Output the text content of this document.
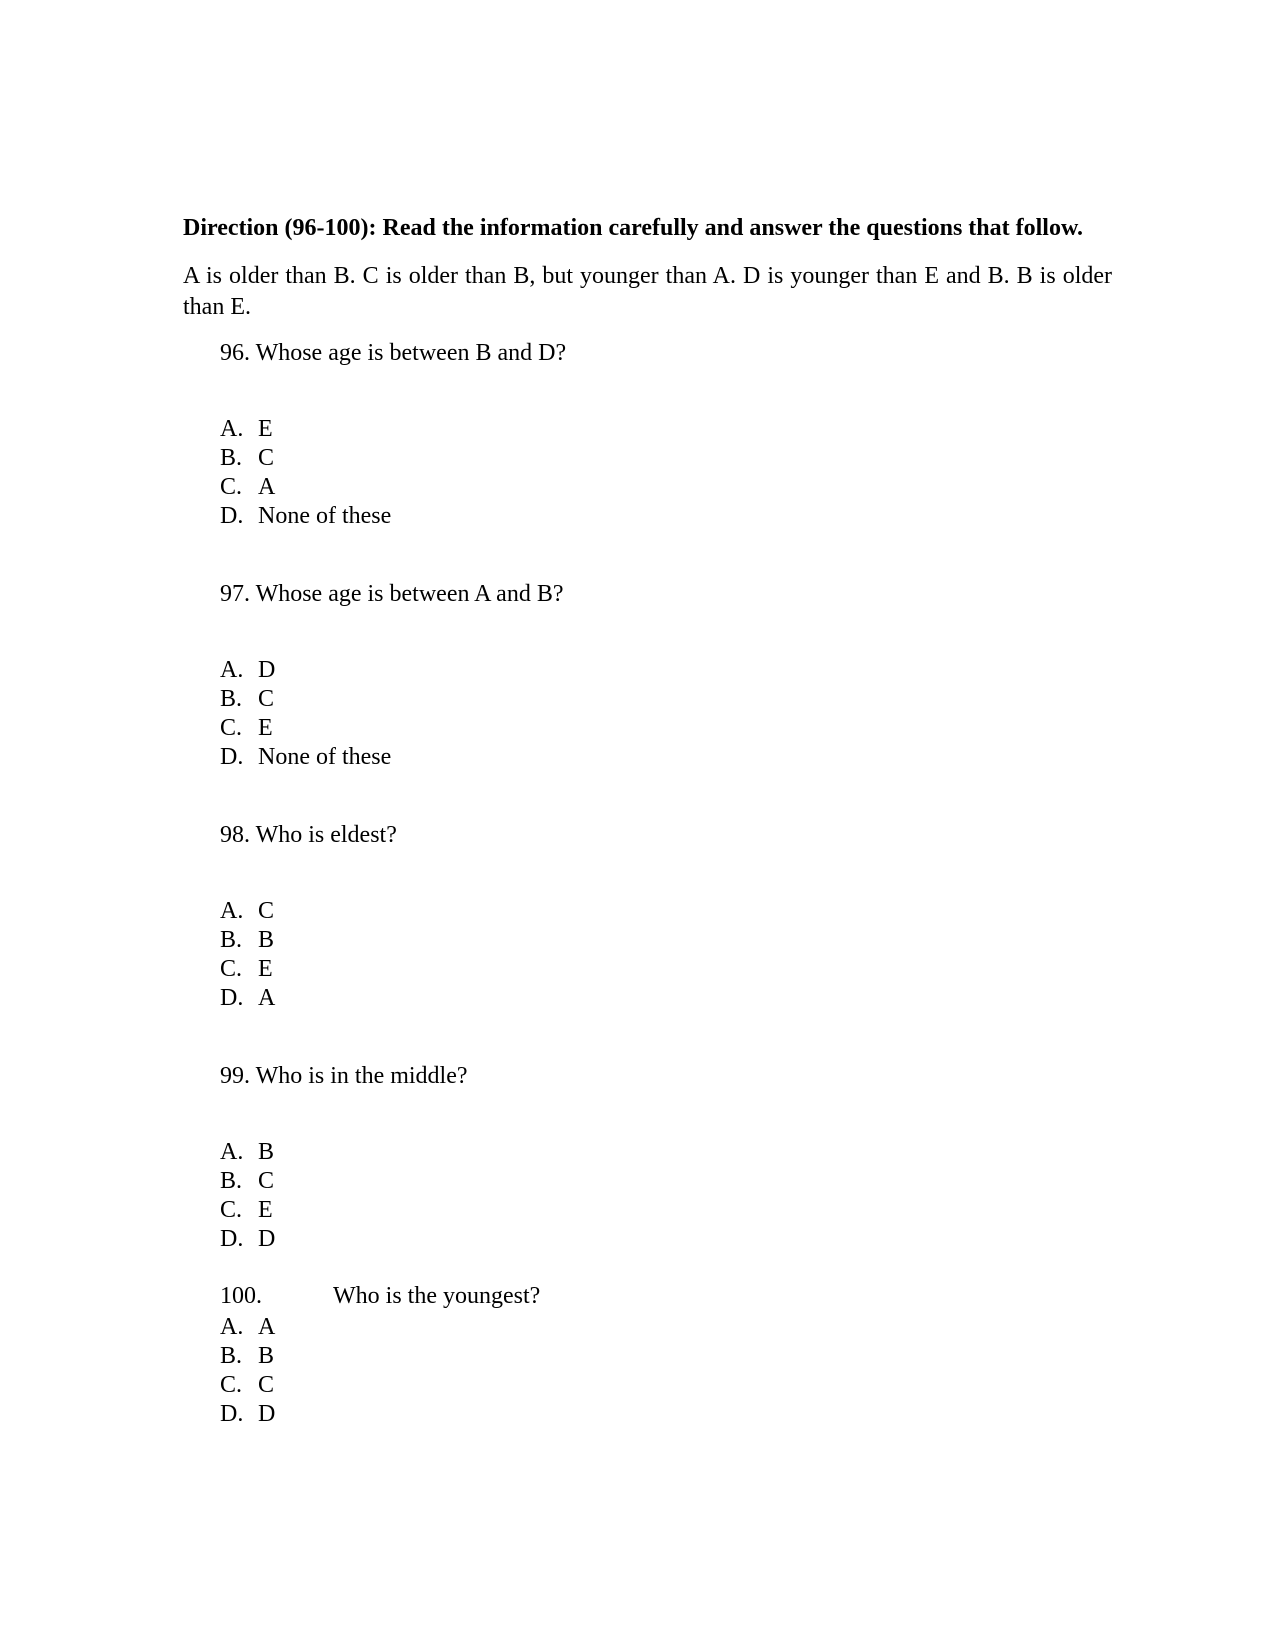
Direction (96-100): Read the information carefully and answer the questions that follow.

A is older than B. C is older than B, but younger than A. D is younger than E and B. B is older than E.

96. Whose age is between B and D?

A. E
B. C
C. A
D. None of these

97. Whose age is between A and B?

A. D
B. C
C. E
D. None of these

98. Who is eldest?

A. C
B. B
C. E
D. A

99. Who is in the middle?

A. B
B. C
C. E
D. D
100.	Who is the youngest?
A. A
B. B
C. C
D. D
